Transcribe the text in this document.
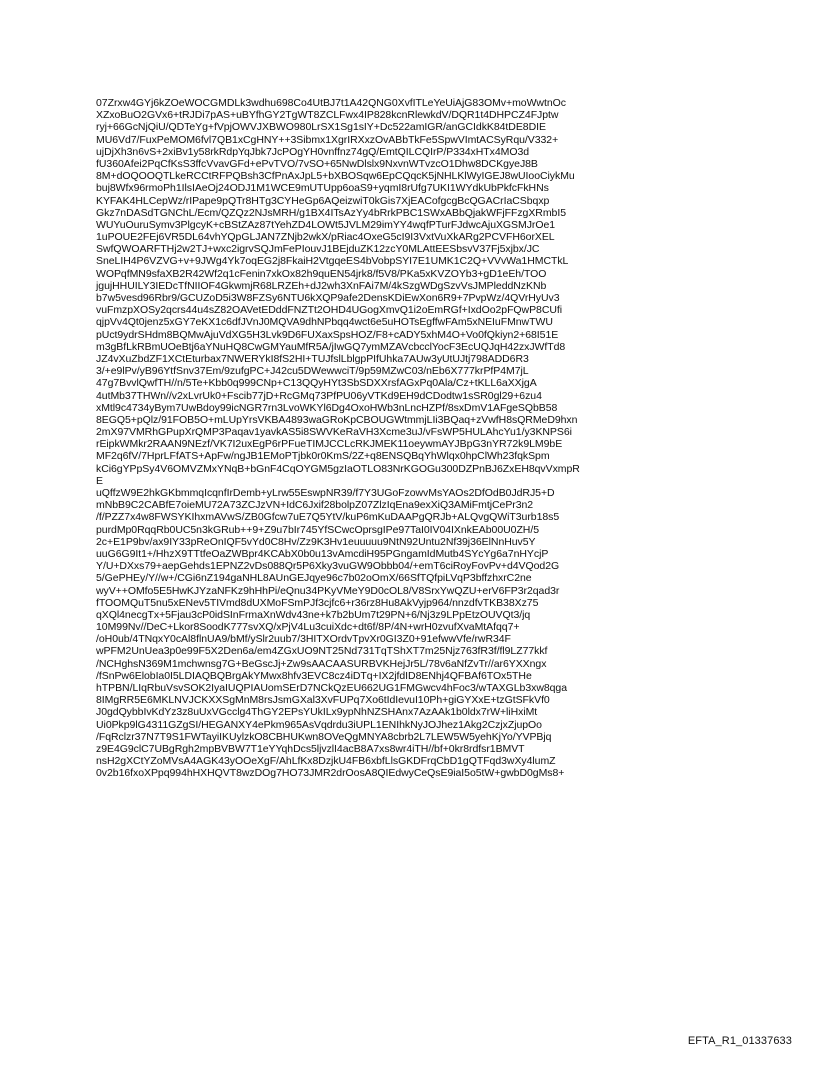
07Zrxw4GYj6kZOeWOCGMDLk3wdhu698Co4UtBJ7t1A42QNG0XvfITLeYeUiAjG83OMv+moWwtnOc
XZxoBuO2GVx6+tRJDi7pAS+uBYfhGY2TgWT8ZCLFwx4IP828kcnRlewkdV/DQR1t4DHPCZ4FJptw
ryj+66GcNjQiU/QDTeYg+fVpjOWVJXBWO980LrSX1Sg1sIY+Dc522amIGR/anGCIdkK84tDE8DIE
MU6Vd7/FuxPeMOM6fvl7QB1xCgHNY++3Sibmx1XgrIRXxzOvABbTkFe5SpwVImtACSyRqu/V332+
ujDjXh3n6vS+2xiBv1y58rkRdpYqJbk7JcPOgYH0vnffnz74gQ/EmtQILCQIrP/P334xHTx4MO3d
fU360Afei2PqCfKsS3ffcVvavGFd+ePvTVO/7vSO+65NwDlslx9NxvnWTvzcO1Dhw8DCKgyeJ8B
8M+dOQOOQTLkeRCCtRFPQBsh3CfPnAxJpL5+bXBOSqw6EpCQqcK5jNHLKlWyIGEJ8wUIooCiykMu
buj8Wfx96rmoPh1IlsIAeOj24ODJ1M1WCE9mUTUpp6oaS9+yqmI8rUfg7UKI1WYdkUbPkfcFkHNs
KYFAK4HLCepWz/rIPape9pQTr8HTg3CYHeGp6AQeizwiT0kGis7XjEACofgcgBcQGACrIaCSbqxp
Gkz7nDASdTGNChL/Ecm/QZQz2NJsMRH/g1BX4ITsAzYy4bRrkPBC1SWxABbQjakWFjFFzgXRmbI5
WUYuOuruSymv3PlgcyK+cBStZAz87tYehZD4LOWt5JVLM29imYY4wqfPTurFJdwcAjuXGSMJrOe1
1uPOUE2FEj6VR5DL64vhYQpGLJAN7ZNjb2wkX/pRiac4OxeG5cI9I3VxtVuXkARg2PCVFH6orXEL
SwfQWOARFTHj2w2TJ+wxc2igrvSQJmFePIouvJ1BEjduZK12zcY0MLAttEESbsvV37Fj5xjbx/JC
SneLIH4P6VZVG+v+9JWg4Yk7oqEG2j8FkaiH2VtgqeES4bVobpSYI7E1UMK1C2Q+VVvWa1HMCTkL
WOPqfMN9sfaXB2R42Wf2q1cFenin7xkOx82h9quEN54jrk8/f5V8/PKa5xKVZOYb3+gD1eEh/TOO
jgujHHUILY3IEDcTfNIIOF4GkwmjR68LRZEh+dJ2wh3XnFAi7M/4kSzgWDgSzvVsJMPleddNzKNb
b7w5vesd96Rbr9/GCUZoD5i3W8FZSy6NTU6kXQP9afe2DensKDiEwXon6R9+7PvpWz/4QVrHyUv3
vuFmzpXOSy2qcrs44u4sZ82OAVetEDddFNZTt2OHD4UGogXmvQ1i2oEmRGf+IxdOo2pFQwP8CUfi
qjpVv4Qt0jenz5xGY7eKX1c6dfJVnJ0MQVA9dhNPbqq4wct6e5uHOTsEgffwFAm5xNEIuFMnwTWU
pUct9ydrSHdm8BQMwAjuVdXG5H3Lvk9D6FUXaxSpsHOZ/F8+cADY5xhM4O+Vo0fQkiyn2+68I51E
m3gBfLkRBmUOeBtj6aYNuHQ8CwGMYauMfR5A/jIwGQ7ymMZAVcbcclYocF3EcUQJqH42zxJWfTd8
JZ4vXuZbdZF1XCtEturbax7NWERYkI8fS2HI+TUJfslLblgpPIfUhka7AUw3yUtUJtj798ADD6R3
3/+e9lPv/yB96YtfSnv37Em/9zufgPC+J42cu5DWewwciT/9p59MZwC03/nEb6X777krPfP4M7jL
47g7BvvlQwfTH//n/5Te+Kbb0q999CNp+C13QQyHYt3SbSDXXrsfAGxPq0Ala/Cz+tKLL6aXXjgA
4utMb37THWn//v2xLvrUk0+Fscib77jD+RcGMq73PfPU06yVTKd9EH9dCDodtw1sSR0gl29+6zu4
xMtl9c4734yBym7UwBdoy99icNGR7rn3LvoWKYl6Dg4OxoHWb3nLncHZPf/8sxDmV1AFgeSQbB58
8EGQ5+pQlz/91FOB5O+mLUpYrsVKBA4893waGRoKpCBOUGWtmmjLIi3BQaq+zVwfH8sQRMeD9hxn
2mX97VMRhGPupXrQMP3Paqav1yavkAS5i8SWVKeRaVH3Xcme3uJ/vFsWP5HULAhcYu1/y3KNPS6i
rEipkWMkr2RAAN9NEzf/VK7I2uxEgP6rPFueTIMJCCLcRKJMEK11oeywmAYJBpG3nYR72k9LM9bE
MF2q6fV/7HprLFfATS+ApFw/ngJB1EMoPTjbk0r0KmS/2Z+q8ENSQBqYhWlqx0hpClWh23fqkSpm
kCi6gYPpSy4V6OMVZMxYNqB+bGnF4CqOYGM5gzIaOTLO83NrKGOGu300DZPnBJ6ZxEH8qvVxmpR
E
uQffzW9E2hkGKbmmqIcqnfIrDemb+yLrw55EswpNR39/f7Y3UGoFzowvMsYAOs2DfOdB0JdRJ5+D
mNbB9C2CABfE7oieMU72A73ZCJzVN+IdC6Jxif28bolpZ07ZlzIqEna9exXiQ3AMiFmtjCePr3n2
/f/PZZ7x4w8FWSYKIhxmAVwS/ZB0Gfcw7uE7Q5YtV/kuP6mKuDAAPgQRJb+ALQvgQWiT3urb18s5
purdMp0RqqRb0UC5n3kGRub++9+Z9u7bIr745YfSCwcOprsgIPe97TaI0IV04IXnkEAb00U0ZH/5
2c+E1P9bv/ax9IY33pReOnIQF5vYd0C8Hv/Zz9K3Hv1euuuuu9NtN92Untu2Nf39j36ElNnHuv5Y
uuG6G9It1+/HhzX9TTtfeOaZWBpr4KCAbX0b0u13vAmcdiH95PGngamIdMutb4SYcYg6a7nHYcjP
Y/U+DXxs79+aepGehds1EPNZ2vDs088Qr5P6Xky3vuGW9Obbb04/+emT6ciRoyFovPv+d4VQod2G
5/GePHEy/Y//w+/CGi6nZ194gaNHL8AUnGEJqye96c7b02oOmX/66SfTQfpiLVqP3bffzhxrC2ne
wyV++OMfo5E5HwKJYzaNFKz9hHhPi/eQnu34PKyVMeY9D0cOL8/V8SrxYwQZU+erV6FP3r2qad3r
fTOOMQuT5nu5xENev5TIVmd8dUXMoFSmPJf3cjfc6+r36rz8Hu8AkVyjp964/nnzdfvTKB38Xz75
qXQl4necgTx+5Fjau3cP0idSInFrmaXnWdv43ne+k7b2bUm7t29PN+6/Nj3z9LPpEtzOUVQt3/jq
10M99Nv//DeC+Lkor8SoodK777svXQ/xPjV4Lu3cuiXdc+dt6f/8P/4N+wrH0zvufXvaMtAfqq7+
/oH0ub/4TNqxY0cAl8flnUA9/bMf/ySlr2uub7/3HITXOrdvTpvXr0GI3Z0+91efwwVfe/rwR34F
wPFM2UnUea3p0e99F5X2Den6a/em4ZGxUO9NT25Nd731TqTShXT7m25Njz763fR3f/fl9LZ77kkf
/NCHghsN369M1mchwnsg7G+BeGscJj+Zw9sAACAASURBVKHejJr5L/78v6aNfZvTr//ar6YXXngx
/fSnPw6ElobIa0I5LDIAQBQBrgAkYMwx8hfv3EVC8cz4iDTq+IX2jfdID8ENhj4QFBAf6TOx5THe
hTPBN/LIqRbuVsvSOK2IyaIUQPIAUomSErD7NCkQzEU662UG1FMGwcv4hFoc3/wTAXGLb3xw8qga
8IMgRR5E6MKLNVJCKXXSgMnM8rsJsmGXal3XvFUPq7Xo6tIdIevuI10Ph+giGYXxE+tzGtSFkVf0
J0gdQybbIvKdYz3z8uUxVGcclg4ThGY2EPsYUkILx9ypNhNZSHAnx7AzAAk1b0ldx7rW+liHxiMt
Ui0Pkp9lG4311GZgSI/HEGANXY4ePkm965AsVqdrdu3iUPL1ENIhkNyJOJhez1Akg2CzjxZjupOo
/FqRclzr37N7T9S1FWTayiIKUylzkO8CBHUKwn8OVeQgMNYA8cbrb2L7LEW5W5yehKjYo/YVPBjq
z9E4G9clC7UBgRgh2mpBVBW7T1eYYqhDcs5ljvzlI4acB8A7xs8wr4iTH//bf+0kr8rdfsr1BMVT
nsH2gXCtYZoMVsA4AGK43yOOeXgF/AhLfKx8DzjkU4FB6xbfLlsGKDFrqCbD1gQTFqd3wXy4lumZ
0v2b16fxoXPpq994hHXHQVT8wzDOg7HO73JMR2drOosA8QIEdwyCeQsE9iaI5o5tW+gwbD0gMs8+
EFTA_R1_01337633
